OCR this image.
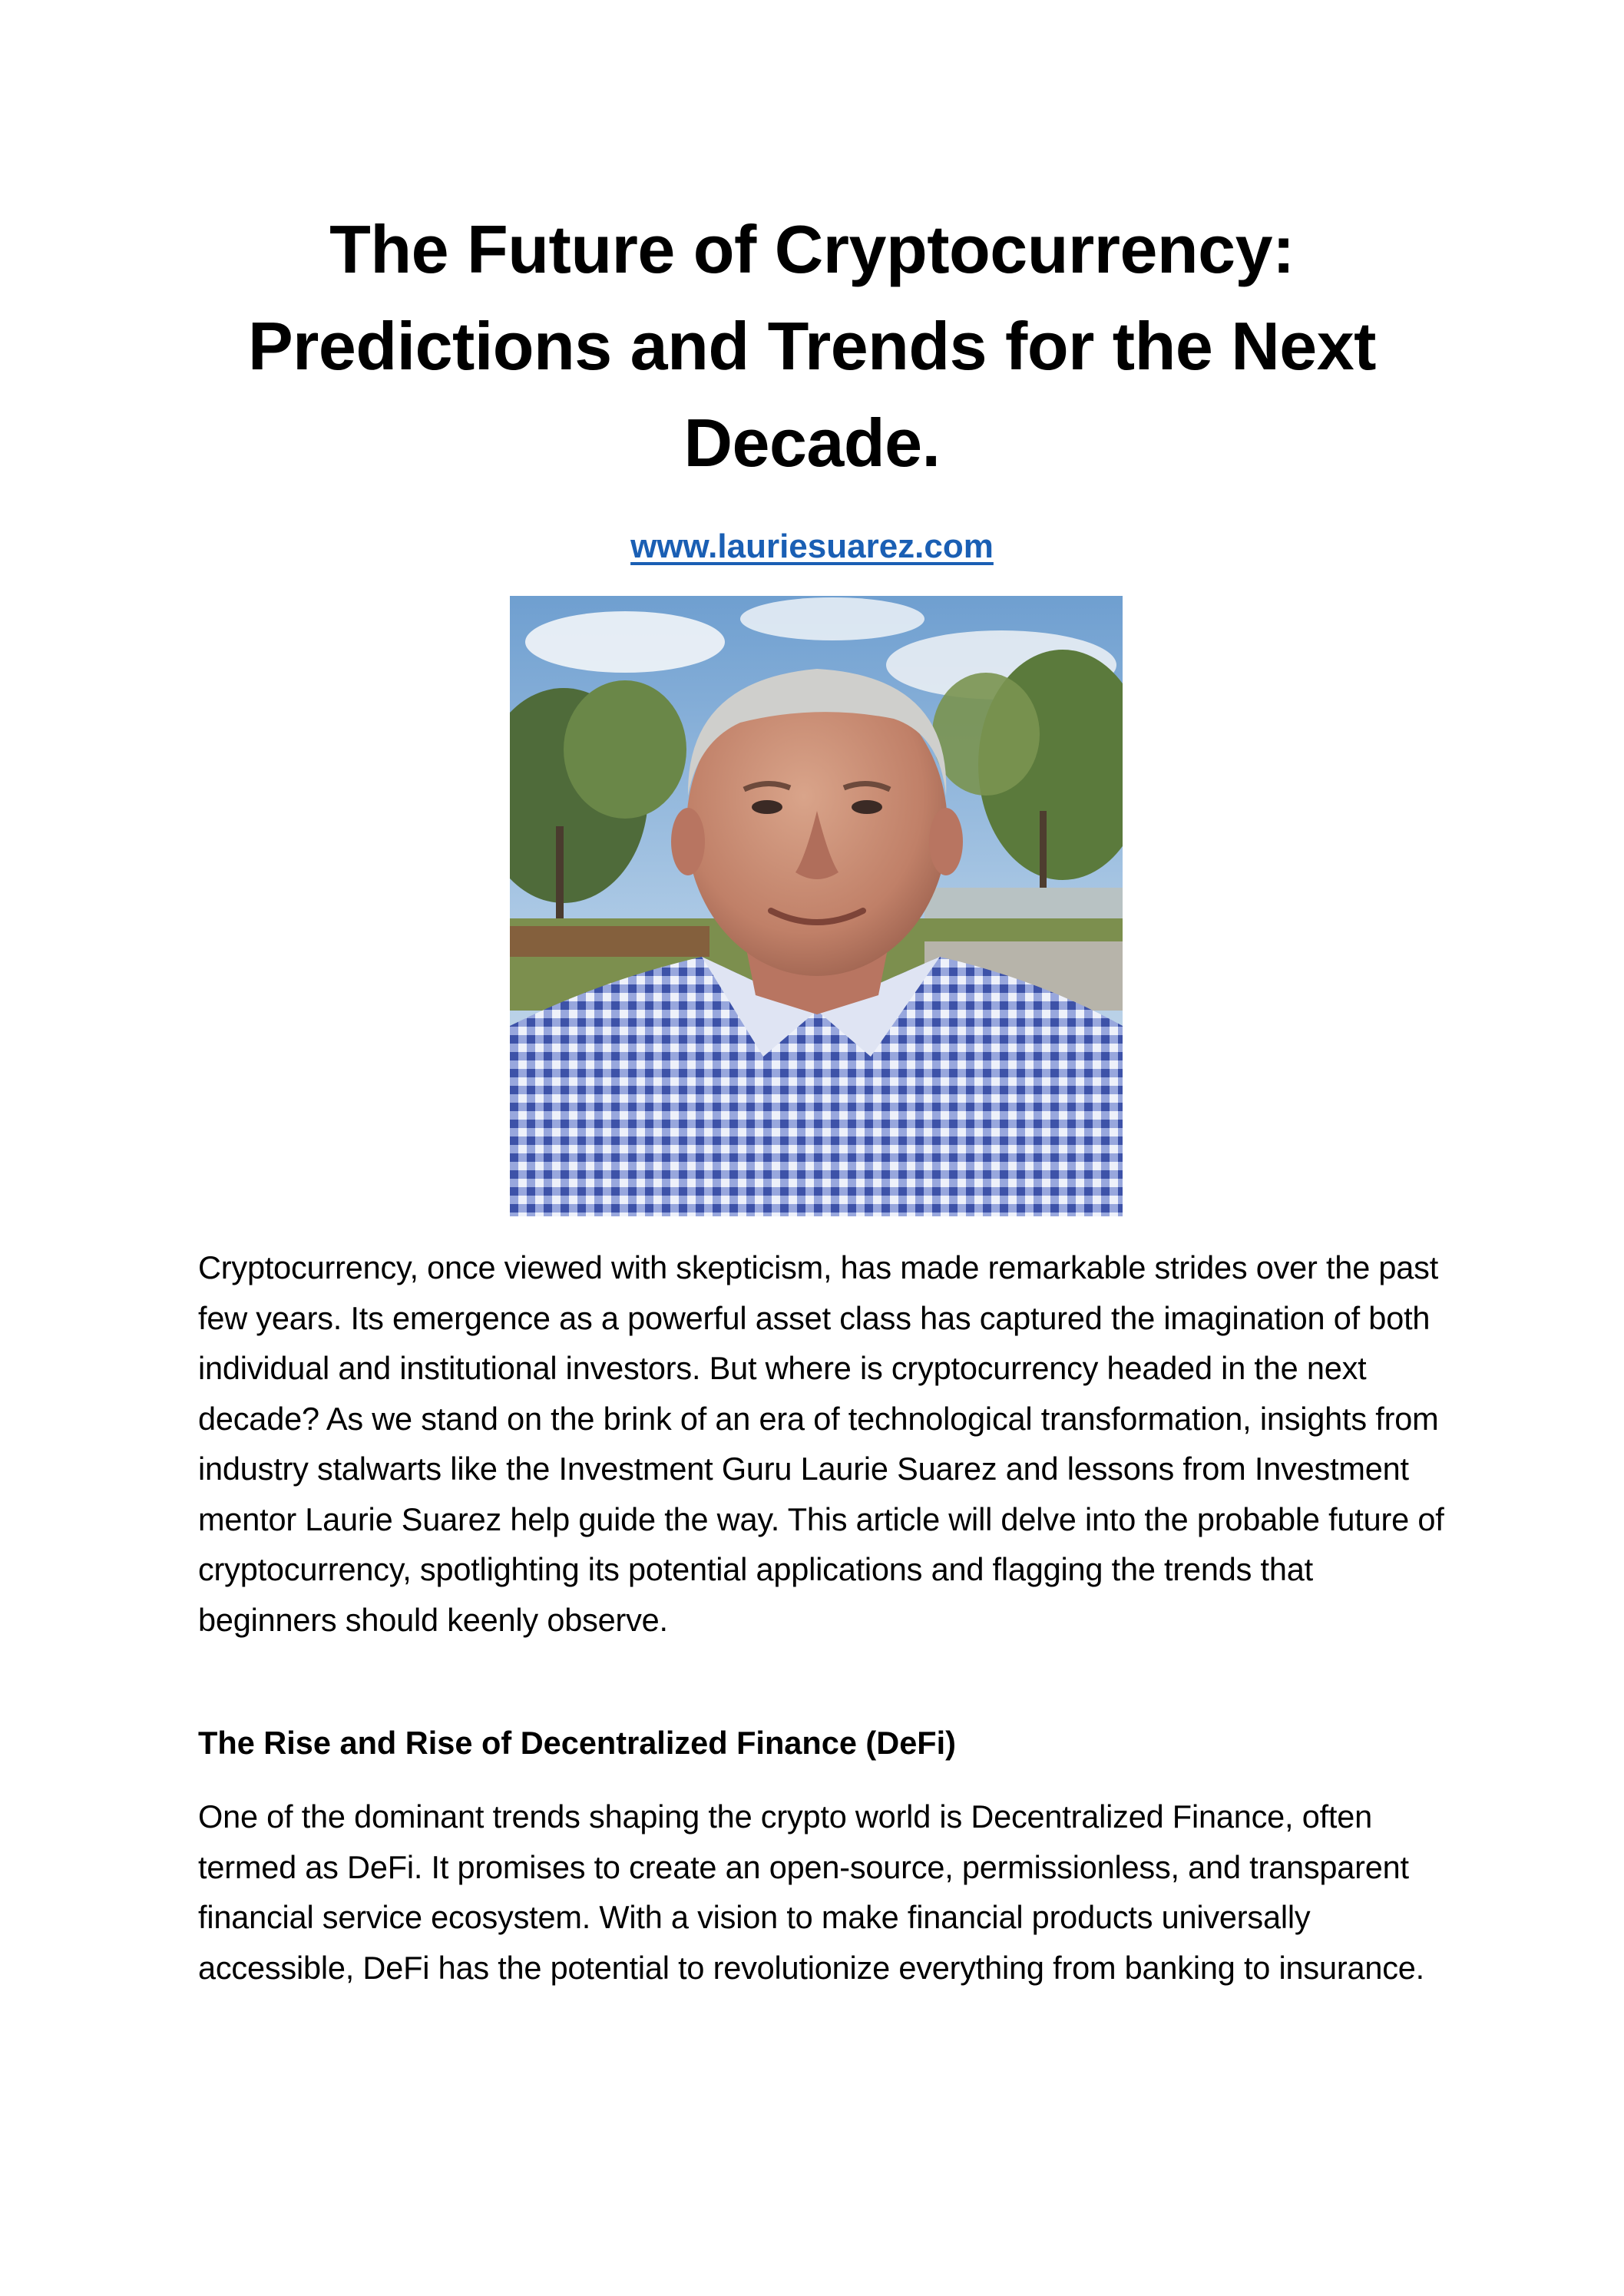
The Future of Cryptocurrency: Predictions and Trends for the Next Decade.
www.lauriesuarez.com

Cryptocurrency, once viewed with skepticism, has made remarkable strides over the past few years. Its emergence as a powerful asset class has captured the imagination of both individual and institutional investors. But where is cryptocurrency headed in the next decade? As we stand on the brink of an era of technological transformation, insights from industry stalwarts like the Investment Guru Laurie Suarez and lessons from Investment mentor Laurie Suarez help guide the way. This article will delve into the probable future of cryptocurrency, spotlighting its potential applications and flagging the trends that beginners should keenly observe.

The Rise and Rise of Decentralized Finance (DeFi)

One of the dominant trends shaping the crypto world is Decentralized Finance, often termed as DeFi. It promises to create an open-source, permissionless, and transparent financial service ecosystem. With a vision to make financial products universally accessible, DeFi has the potential to revolutionize everything from banking to insurance.
